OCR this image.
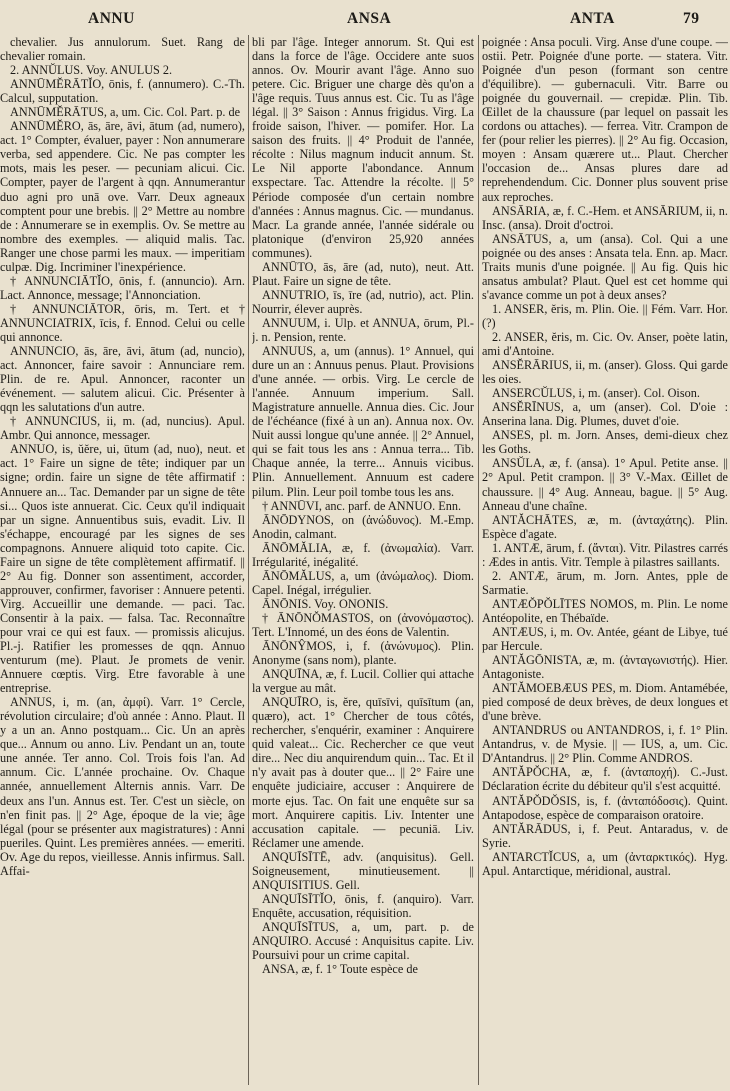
ANNU	ANSA	ANTA	79

chevalier. Jus annulorum. Suet. Rang de chevalier romain.

2. ANNŬLUS. Voy. ANULUS 2.

ANNŪMĔRĀTĬO, ōnis, f. (annumero). C.-Th. Calcul, supputation.

ANNŪMĔRĀTUS, a, um. Cic. Col. Part. p. de

ANNŪMĔRO, ās, āre, āvi, ātum (ad, numero), act. 1° Compter, évaluer, payer : Non annumerare verba, sed appendere. Cic. Ne pas compter les mots, mais les peser. — pecuniam alicui. Cic. Compter, payer de l'argent à qqn. Annumerantur duo agni pro unā ove. Varr. Deux agneaux comptent pour une brebis. || 2° Mettre au nombre de : Annumerare se in exemplis. Ov. Se mettre au nombre des exemples. — aliquid malis. Tac. Ranger une chose parmi les maux. — imperitiam culpæ. Dig. Incriminer l'inexpérience.

† ANNUNCIĀTĬO, ōnis, f. (annuncio). Arn. Lact. Annonce, message; l'Annonciation.

† ANNUNCIĀTOR, ōris, m. Tert. et † ANNUNCIATRIX, īcis, f. Ennod. Celui ou celle qui annonce.

ANNUNCIO, ās, āre, āvi, ātum (ad, nuncio), act. Annoncer, faire savoir : Annunciare rem. Plin. de re. Apul. Annoncer, raconter un événement. — salutem alicui. Cic. Présenter à qqn les salutations d'un autre.

† ANNUNCIUS, ii, m. (ad, nuncius). Apul. Ambr. Qui annonce, messager.

ANNUO, is, ŭĕre, ui, ūtum (ad, nuo), neut. et act. 1° Faire un signe de tête; indiquer par un signe; ordin. faire un signe de tête affirmatif : Annuere an... Tac. Demander par un signe de tête si... Quos iste annuerat. Cic. Ceux qu'il indiquait par un signe. Annuentibus suis, evadit. Liv. Il s'échappe, encouragé par les signes de ses compagnons. Annuere aliquid toto capite. Cic. Faire un signe de tête complètement affirmatif. || 2° Au fig. Donner son assentiment, accorder, approuver, confirmer, favoriser : Annuere petenti. Virg. Accueillir une demande. — paci. Tac. Consentir à la paix. — falsa. Tac. Reconnaître pour vrai ce qui est faux. — promissis alicujus. Pl.-j. Ratifier les promesses de qqn. Annuo venturum (me). Plaut. Je promets de venir. Annuere cœptis. Virg. Etre favorable à une entreprise.

ANNUS, i, m. (an, ἀμφί). Varr. 1° Cercle, révolution circulaire; d'où année : Anno. Plaut. Il y a un an. Anno postquam... Cic. Un an après que... Annum ou anno. Liv. Pendant un an, toute une année. Ter anno. Col. Trois fois l'an. Ad annum. Cic. L'année prochaine. Ov. Chaque année, annuellement Alternis annis. Varr. De deux ans l'un. Annus est. Ter. C'est un siècle, on n'en finit pas. || 2° Age, époque de la vie; âge légal (pour se présenter aux magistratures) : Anni pueriles. Quint. Les premières années. — emeriti. Ov. Age du repos, vieillesse. Annis infirmus. Sall. Affai-

bli par l'âge. Integer annorum. St. Qui est dans la force de l'âge. Occidere ante suos annos. Ov. Mourir avant l'âge. Anno suo petere. Cic. Briguer une charge dès qu'on a l'âge requis. Tuus annus est. Cic. Tu as l'âge légal. || 3° Saison : Annus frigidus. Virg. La froide saison, l'hiver. — pomifer. Hor. La saison des fruits. || 4° Produit de l'année, récolte : Nilus magnum inducit annum. St. Le Nil apporte l'abondance. Annum exspectare. Tac. Attendre la récolte. || 5° Période composée d'un certain nombre d'années : Annus magnus. Cic. — mundanus. Macr. La grande année, l'année sidérale ou platonique (d'environ 25,920 années communes).

ANNŪTO, ās, āre (ad, nuto), neut. Att. Plaut. Faire un signe de tête.

ANNUTRIO, īs, īre (ad, nutrio), act. Plin. Nourrir, élever auprès.

ANNUUM, i. Ulp. et ANNUA, ōrum, Pl.-j. n. Pension, rente.

ANNUUS, a, um (annus). 1° Annuel, qui dure un an : Annuus penus. Plaut. Provisions d'une année. — orbis. Virg. Le cercle de l'année. Annuum imperium. Sall. Magistrature annuelle. Annua dies. Cic. Jour de l'échéance (fixé à un an). Annua nox. Ov. Nuit aussi longue qu'une année. || 2° Annuel, qui se fait tous les ans : Annua terra... Tib. Chaque année, la terre... Annuis vicibus. Plin. Annuellement. Annuum est cadere pilum. Plin. Leur poil tombe tous les ans.

† ANNŪVI, anc. parf. de ANNUO. Enn.

ĀNŌDYNOS, on (ἀνώδυνος). M.-Emp. Anodin, calmant.

ĀNŌMĂLIA, æ, f. (ἀνωμαλία). Varr. Irrégularité, inégalité.

ĀNŌMĂLUS, a, um (ἀνώμαλος). Diom. Capel. Inégal, irrégulier.

ĀNŌNIS. Voy. ONONIS.

† ĀNŌNŎMASTOS, on (ἀνονόμαστος). Tert. L'Innomé, un des éons de Valentin.

ĀNŌNŶMOS, i, f. (ἀνώνυμος). Plin. Anonyme (sans nom), plante.

ANQUĪNA, æ, f. Lucil. Collier qui attache la vergue au mât.

ANQUĪRO, is, ĕre, quīsīvi, quīsītum (an, quæro), act. 1° Chercher de tous côtés, rechercher, s'enquérir, examiner : Anquirere quid valeat... Cic. Rechercher ce que veut dire... Nec diu anquirendum quin... Tac. Et il n'y avait pas à douter que... || 2° Faire une enquête judiciaire, accuser : Anquirere de morte ejus. Tac. On fait une enquête sur sa mort. Anquirere capitis. Liv. Intenter une accusation capitale. — pecuniā. Liv. Réclamer une amende.

ANQUĪSĪTĒ, adv. (anquisitus). Gell. Soigneusement, minutieusement. || ANQUISITIUS. Gell.

ANQUĪSĪTĬO, ōnis, f. (anquiro). Varr. Enquête, accusation, réquisition.

ANQUĪSĪTUS, a, um, part. p. de ANQUIRO. Accusé : Anquisitus capite. Liv. Poursuivi pour un crime capital.

ANSA, æ, f. 1° Toute espèce de

poignée : Ansa poculi. Virg. Anse d'une coupe. — ostii. Petr. Poignée d'une porte. — statera. Vitr. Poignée d'un peson (formant son centre d'équilibre). — gubernaculi. Vitr. Barre ou poignée du gouvernail. — crepidæ. Plin. Tib. Œillet de la chaussure (par lequel on passait les cordons ou attaches). — ferrea. Vitr. Crampon de fer (pour relier les pierres). || 2° Au fig. Occasion, moyen : Ansam quærere ut... Plaut. Chercher l'occasion de... Ansas plures dare ad reprehendendum. Cic. Donner plus souvent prise aux reproches.

ANSĀRIA, æ, f. C.-Hem. et ANSĀRIUM, ii, n. Insc. (ansa). Droit d'octroi.

ANSĀTUS, a, um (ansa). Col. Qui a une poignée ou des anses : Ansata tela. Enn. ap. Macr. Traits munis d'une poignée. || Au fig. Quis hic ansatus ambulat? Plaut. Quel est cet homme qui s'avance comme un pot à deux anses?

1. ANSER, ĕris, m. Plin. Oie. || Fém. Varr. Hor. (?)

2. ANSER, ĕris, m. Cic. Ov. Anser, poète latin, ami d'Antoine.

ANSĔRĀRIUS, ii, m. (anser). Gloss. Qui garde les oies.

ANSERCŬLUS, i, m. (anser). Col. Oison.

ANSĔRĪNUS, a, um (anser). Col. D'oie : Anserina lana. Dig. Plumes, duvet d'oie.

ANSES, pl. m. Jorn. Anses, demi-dieux chez les Goths.

ANSŬLA, æ, f. (ansa). 1° Apul. Petite anse. || 2° Apul. Petit crampon. || 3° V.-Max. Œillet de chaussure. || 4° Aug. Anneau, bague. || 5° Aug. Anneau d'une chaîne.

ANTĂCHĀTES, æ, m. (ἀνταχάτης). Plin. Espèce d'agate.

1. ANTÆ, ārum, f. (ἄνται). Vitr. Pilastres carrés : Ædes in antis. Vitr. Temple à pilastres saillants.

2. ANTÆ, ārum, m. Jorn. Antes, pple de Sarmatie.

ANTÆŎPŎLĪTES NOMOS, m. Plin. Le nome Antéopolite, en Thébaïde.

ANTÆUS, i, m. Ov. Antée, géant de Libye, tué par Hercule.

ANTĂGŌNISTA, æ, m. (ἀνταγωνιστής). Hier. Antagoniste.

ANTĂMOEBÆUS PES, m. Diom. Antamébée, pied composé de deux brèves, de deux longues et d'une brève.

ANTANDRUS ou ANTANDROS, i, f. 1° Plin. Antandrus, v. de Mysie. || — IUS, a, um. Cic. D'Antandrus. || 2° Plin. Comme ANDROS.

ANTĂPŎCHA, æ, f. (ἀνταποχή). C.-Just. Déclaration écrite du débiteur qu'il s'est acquitté.

ANTĂPŎDŎSIS, is, f. (ἀνταπόδοσις). Quint. Antapodose, espèce de comparaison oratoire.

ANTĂRĀDUS, i, f. Peut. Antaradus, v. de Syrie.

ANTARCTĬCUS, a, um (ἀνταρκτικός). Hyg. Apul. Antarctique, méridional, austral.
